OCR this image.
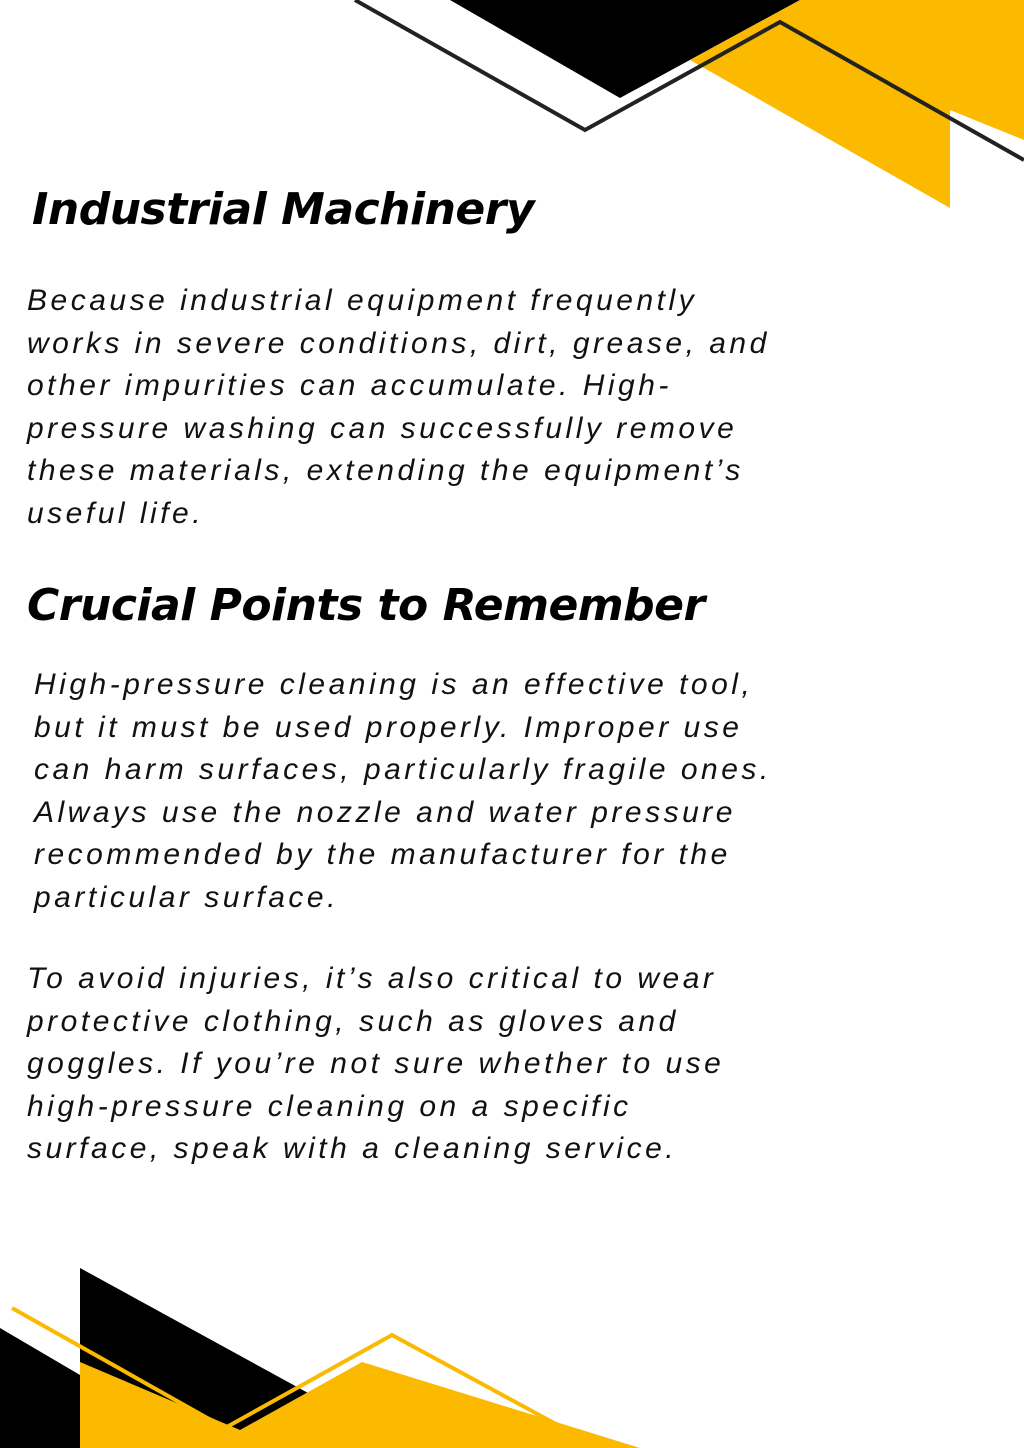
Industrial Machinery

Because industrial equipment frequently
works in severe conditions, dirt, grease, and
other impurities can accumulate. High-
pressure washing can successfully remove
these materials, extending the equipment’s
useful life.

Crucial Points to Remember

High-pressure cleaning is an effective tool,
but it must be used properly. Improper use
can harm surfaces, particularly fragile ones.
Always use the nozzle and water pressure
recommended by the manufacturer for the
particular surface.

To avoid injuries, it’s also critical to wear
protective clothing, such as gloves and
goggles. If you’re not sure whether to use
high-pressure cleaning on a specific
surface, speak with a cleaning service.
